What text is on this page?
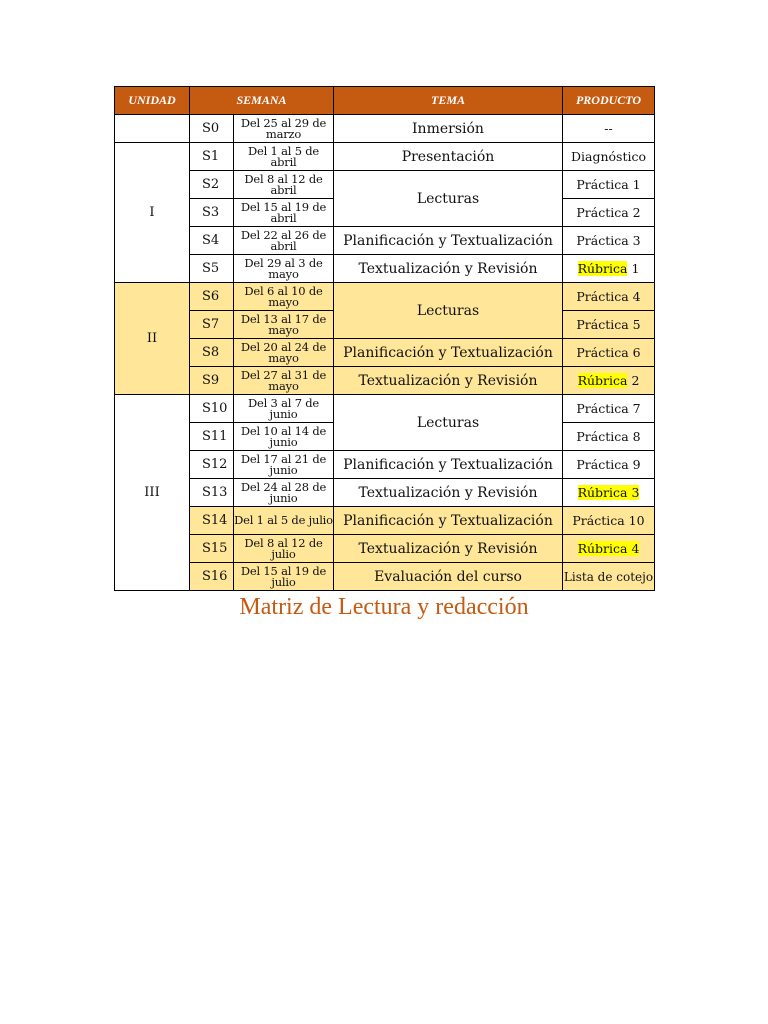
UNIDAD	SEMANA		TEMA	PRODUCTO
	S0	Del 25 al 29 de marzo	Inmersión	--
I	S1	Del 1 al 5 de abril	Presentación	Diagnóstico
	S2	Del 8 al 12 de abril	Lecturas	Práctica 1
	S3	Del 15 al 19 de abril		Práctica 2
	S4	Del 22 al 26 de abril	Planificación y Textualización	Práctica 3
	S5	Del 29 al 3 de mayo	Textualización y Revisión	Rúbrica 1
II	S6	Del 6 al 10 de mayo	Lecturas	Práctica 4
	S7	Del 13 al 17 de mayo		Práctica 5
	S8	Del 20 al 24 de mayo	Planificación y Textualización	Práctica 6
	S9	Del 27 al 31 de mayo	Textualización y Revisión	Rúbrica 2
III	S10	Del 3 al 7 de junio	Lecturas	Práctica 7
	S11	Del 10 al 14 de junio		Práctica 8
	S12	Del 17 al 21 de junio	Planificación y Textualización	Práctica 9
	S13	Del 24 al 28 de junio	Textualización y Revisión	Rúbrica 3
	S14	Del 1 al 5 de julio	Planificación y Textualización	Práctica 10
	S15	Del 8 al 12 de julio	Textualización y Revisión	Rúbrica 4
	S16	Del 15 al 19 de julio	Evaluación del curso	Lista de cotejo

Matriz de Lectura y redacción
